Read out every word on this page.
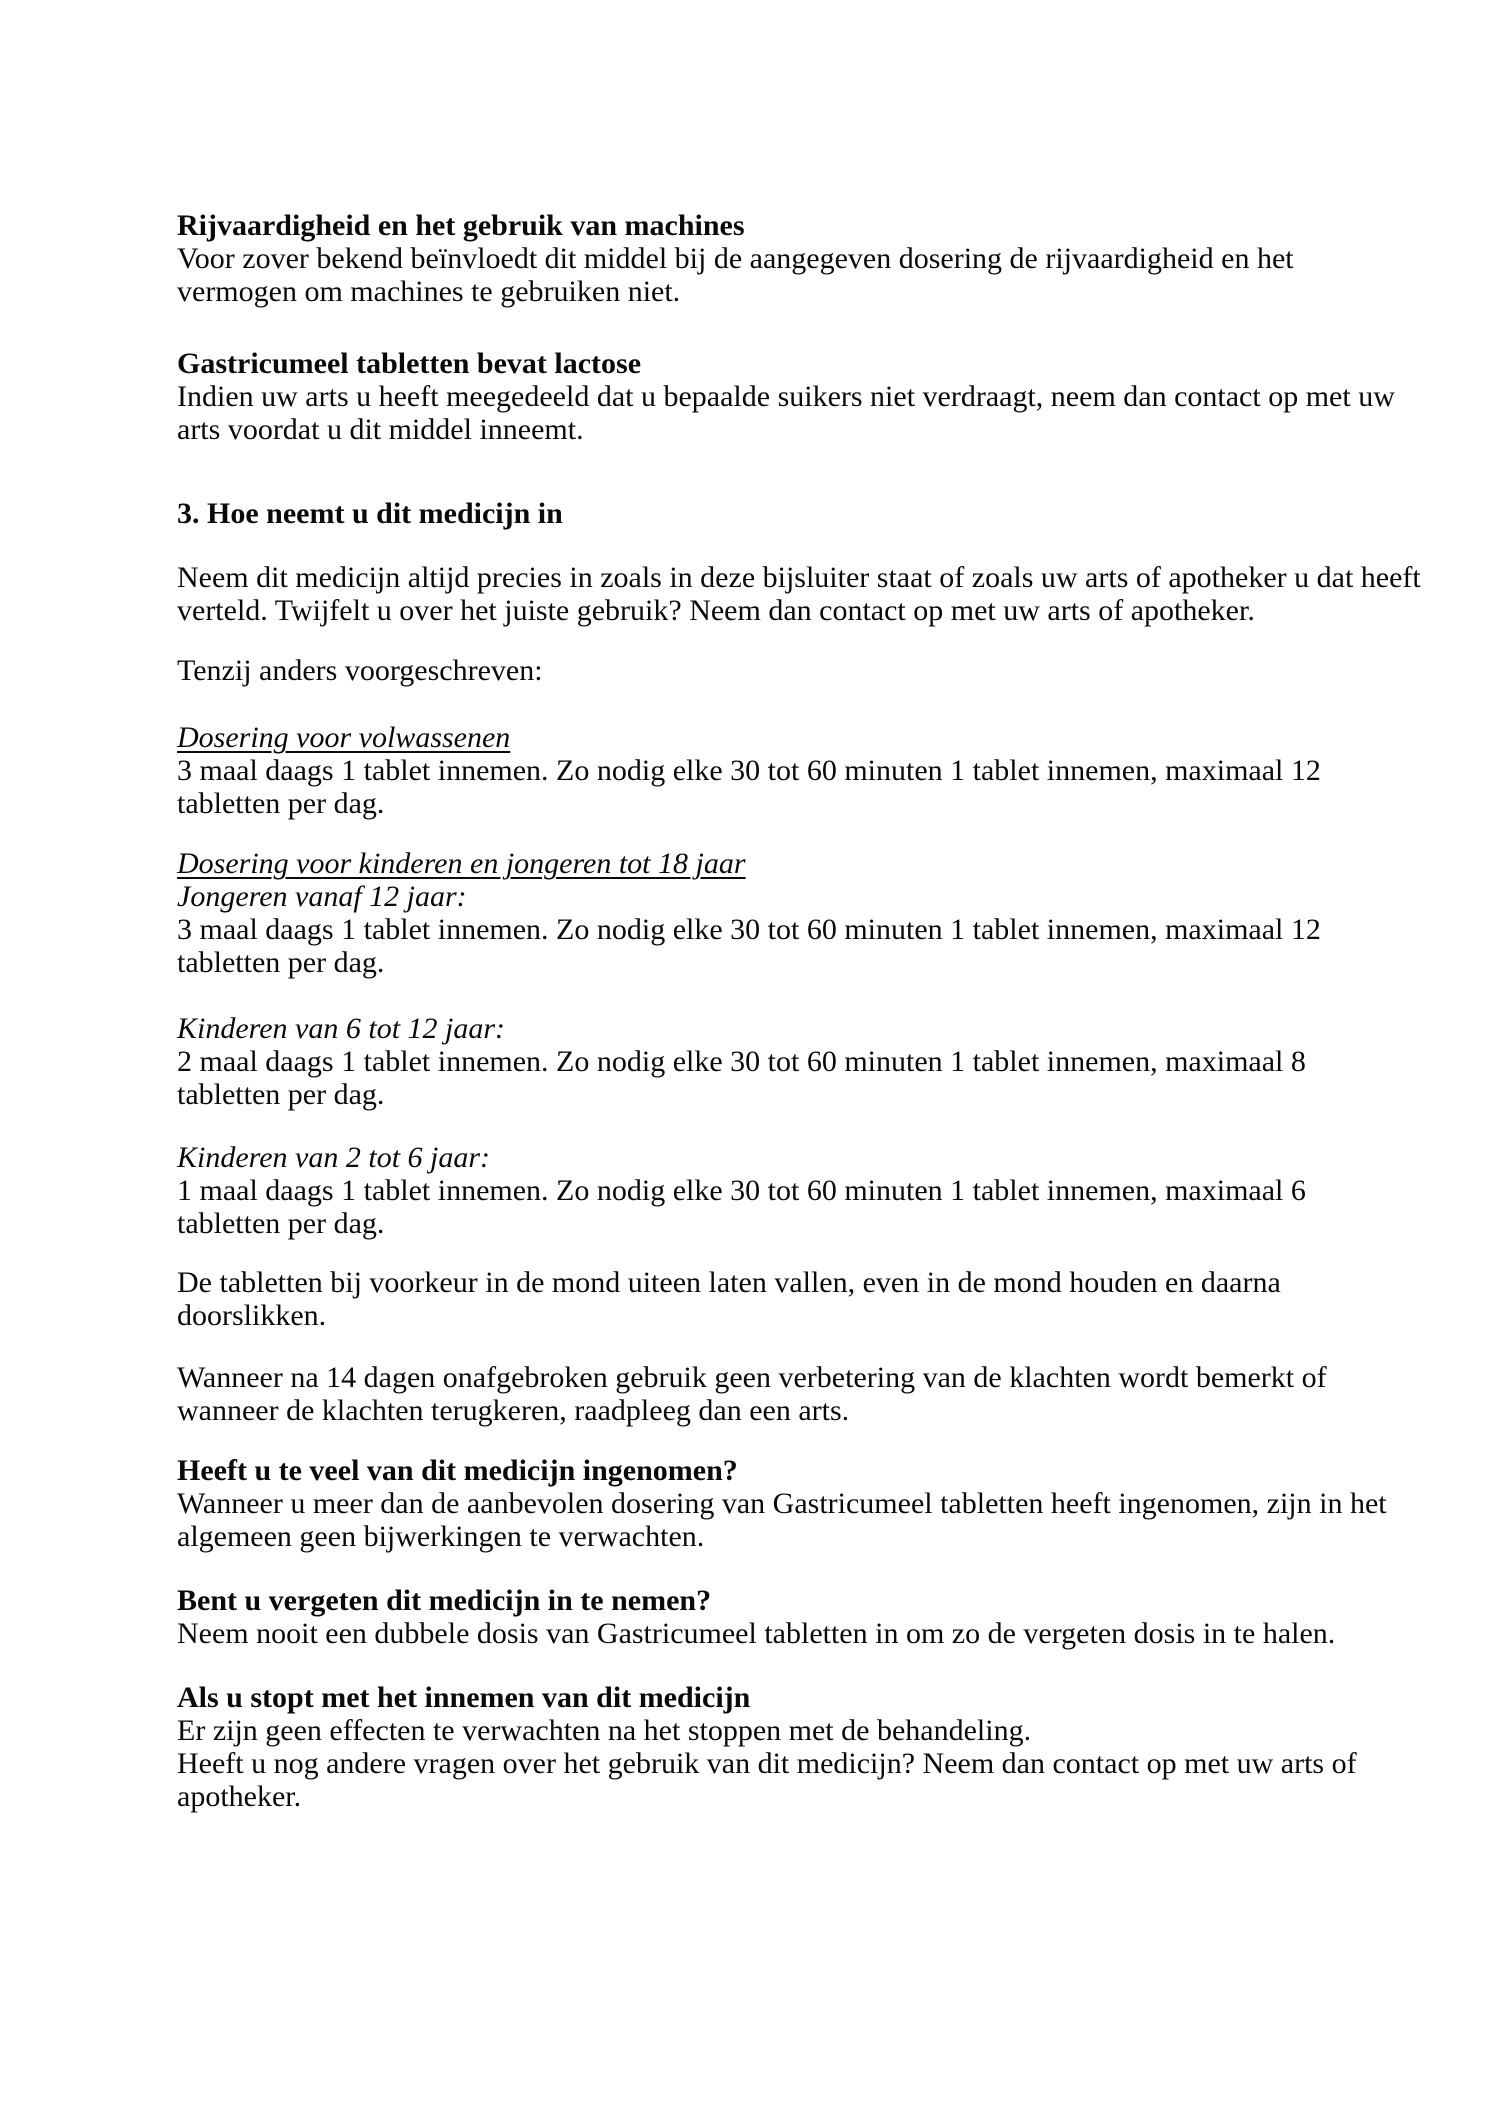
Rijvaardigheid en het gebruik van machines
Voor zover bekend beïnvloedt dit middel bij de aangegeven dosering de rijvaardigheid en het
vermogen om machines te gebruiken niet.
Gastricumeel tabletten bevat lactose
Indien uw arts u heeft meegedeeld dat u bepaalde suikers niet verdraagt, neem dan contact op met uw
arts voordat u dit middel inneemt.
3. Hoe neemt u dit medicijn in
Neem dit medicijn altijd precies in zoals in deze bijsluiter staat of zoals uw arts of apotheker u dat heeft
verteld. Twijfelt u over het juiste gebruik? Neem dan contact op met uw arts of apotheker.
Tenzij anders voorgeschreven:
Dosering voor volwassenen
3 maal daags 1 tablet innemen. Zo nodig elke 30 tot 60 minuten 1 tablet innemen, maximaal 12
tabletten per dag.
Dosering voor kinderen en jongeren tot 18 jaar
Jongeren vanaf 12 jaar:
3 maal daags 1 tablet innemen. Zo nodig elke 30 tot 60 minuten 1 tablet innemen, maximaal 12
tabletten per dag.
Kinderen van 6 tot 12 jaar:
2 maal daags 1 tablet innemen. Zo nodig elke 30 tot 60 minuten 1 tablet innemen, maximaal 8
tabletten per dag.
Kinderen van 2 tot 6 jaar:
1 maal daags 1 tablet innemen. Zo nodig elke 30 tot 60 minuten 1 tablet innemen, maximaal 6
tabletten per dag.
De tabletten bij voorkeur in de mond uiteen laten vallen, even in de mond houden en daarna
doorslikken.
Wanneer na 14 dagen onafgebroken gebruik geen verbetering van de klachten wordt bemerkt of
wanneer de klachten terugkeren, raadpleeg dan een arts.
Heeft u te veel van dit medicijn ingenomen?
Wanneer u meer dan de aanbevolen dosering van Gastricumeel tabletten heeft ingenomen, zijn in het
algemeen geen bijwerkingen te verwachten.
Bent u vergeten dit medicijn in te nemen?
Neem nooit een dubbele dosis van Gastricumeel tabletten in om zo de vergeten dosis in te halen.
Als u stopt met het innemen van dit medicijn
Er zijn geen effecten te verwachten na het stoppen met de behandeling.
Heeft u nog andere vragen over het gebruik van dit medicijn? Neem dan contact op met uw arts of
apotheker.
